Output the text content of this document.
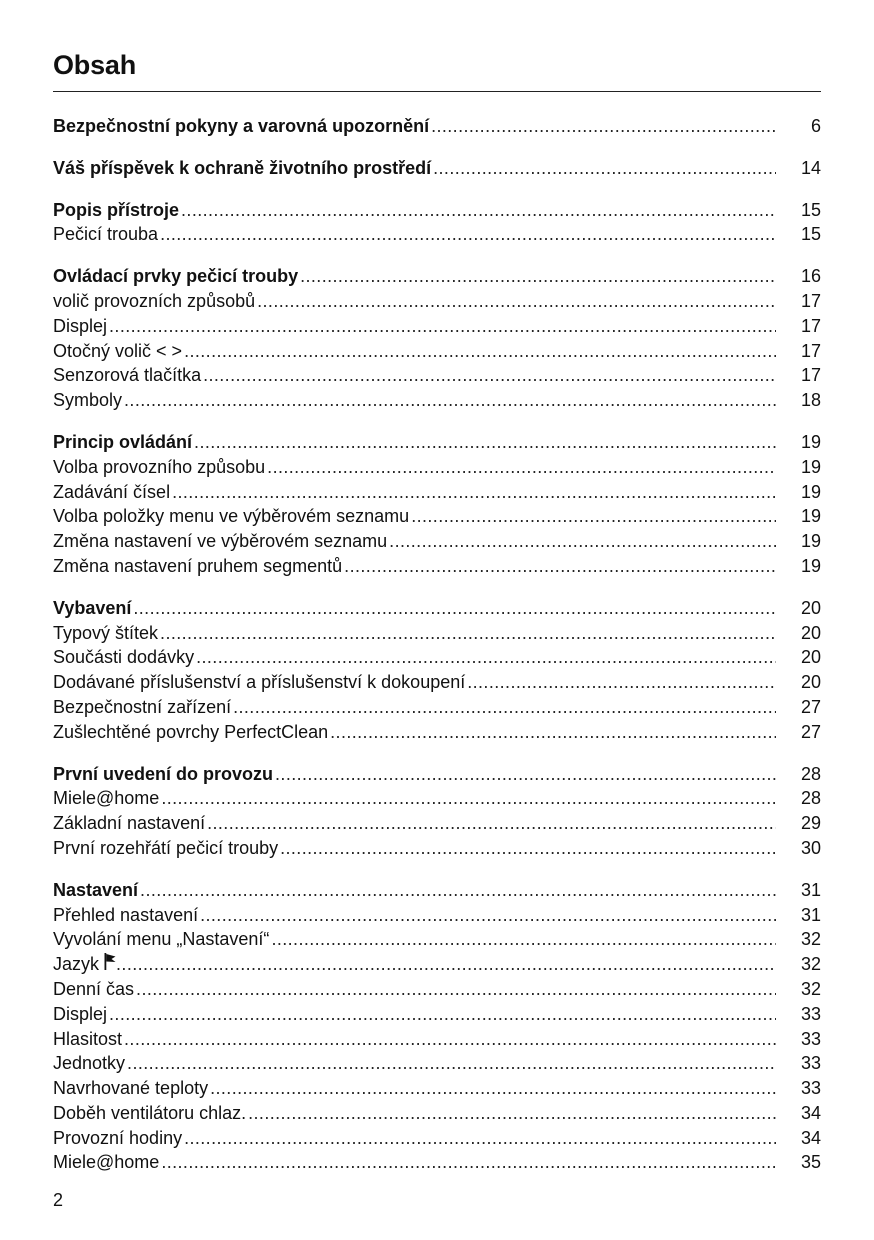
Obsah
Bezpečnostní pokyny a varovná upozornění .....	6
Váš příspěvek k ochraně životního prostředí .....	14
Popis přístroje .....	15
Pečicí trouba .....	15
Ovládací prvky pečicí trouby .....	16
volič provozních způsobů .....	17
Displej .....	17
Otočný volič < > .....	17
Senzorová tlačítka .....	17
Symboly .....	18
Princip ovládání .....	19
Volba provozního způsobu .....	19
Zadávání čísel .....	19
Volba položky menu ve výběrovém seznamu .....	19
Změna nastavení ve výběrovém seznamu .....	19
Změna nastavení pruhem segmentů .....	19
Vybavení .....	20
Typový štítek .....	20
Součásti dodávky .....	20
Dodávané příslušenství a příslušenství k dokoupení .....	20
Bezpečnostní zařízení .....	27
Zušlechtěné povrchy PerfectClean .....	27
První uvedení do provozu .....	28
Miele@home .....	28
Základní nastavení .....	29
První rozehřátí pečicí trouby .....	30
Nastavení .....	31
Přehled nastavení .....	31
Vyvolání menu „Nastavení“ .....	32
Jazyk .....	32
Denní čas .....	32
Displej .....	33
Hlasitost .....	33
Jednotky .....	33
Navrhované teploty .....	33
Doběh ventilátoru chlaz. .....	34
Provozní hodiny .....	34
Miele@home .....	35
2
